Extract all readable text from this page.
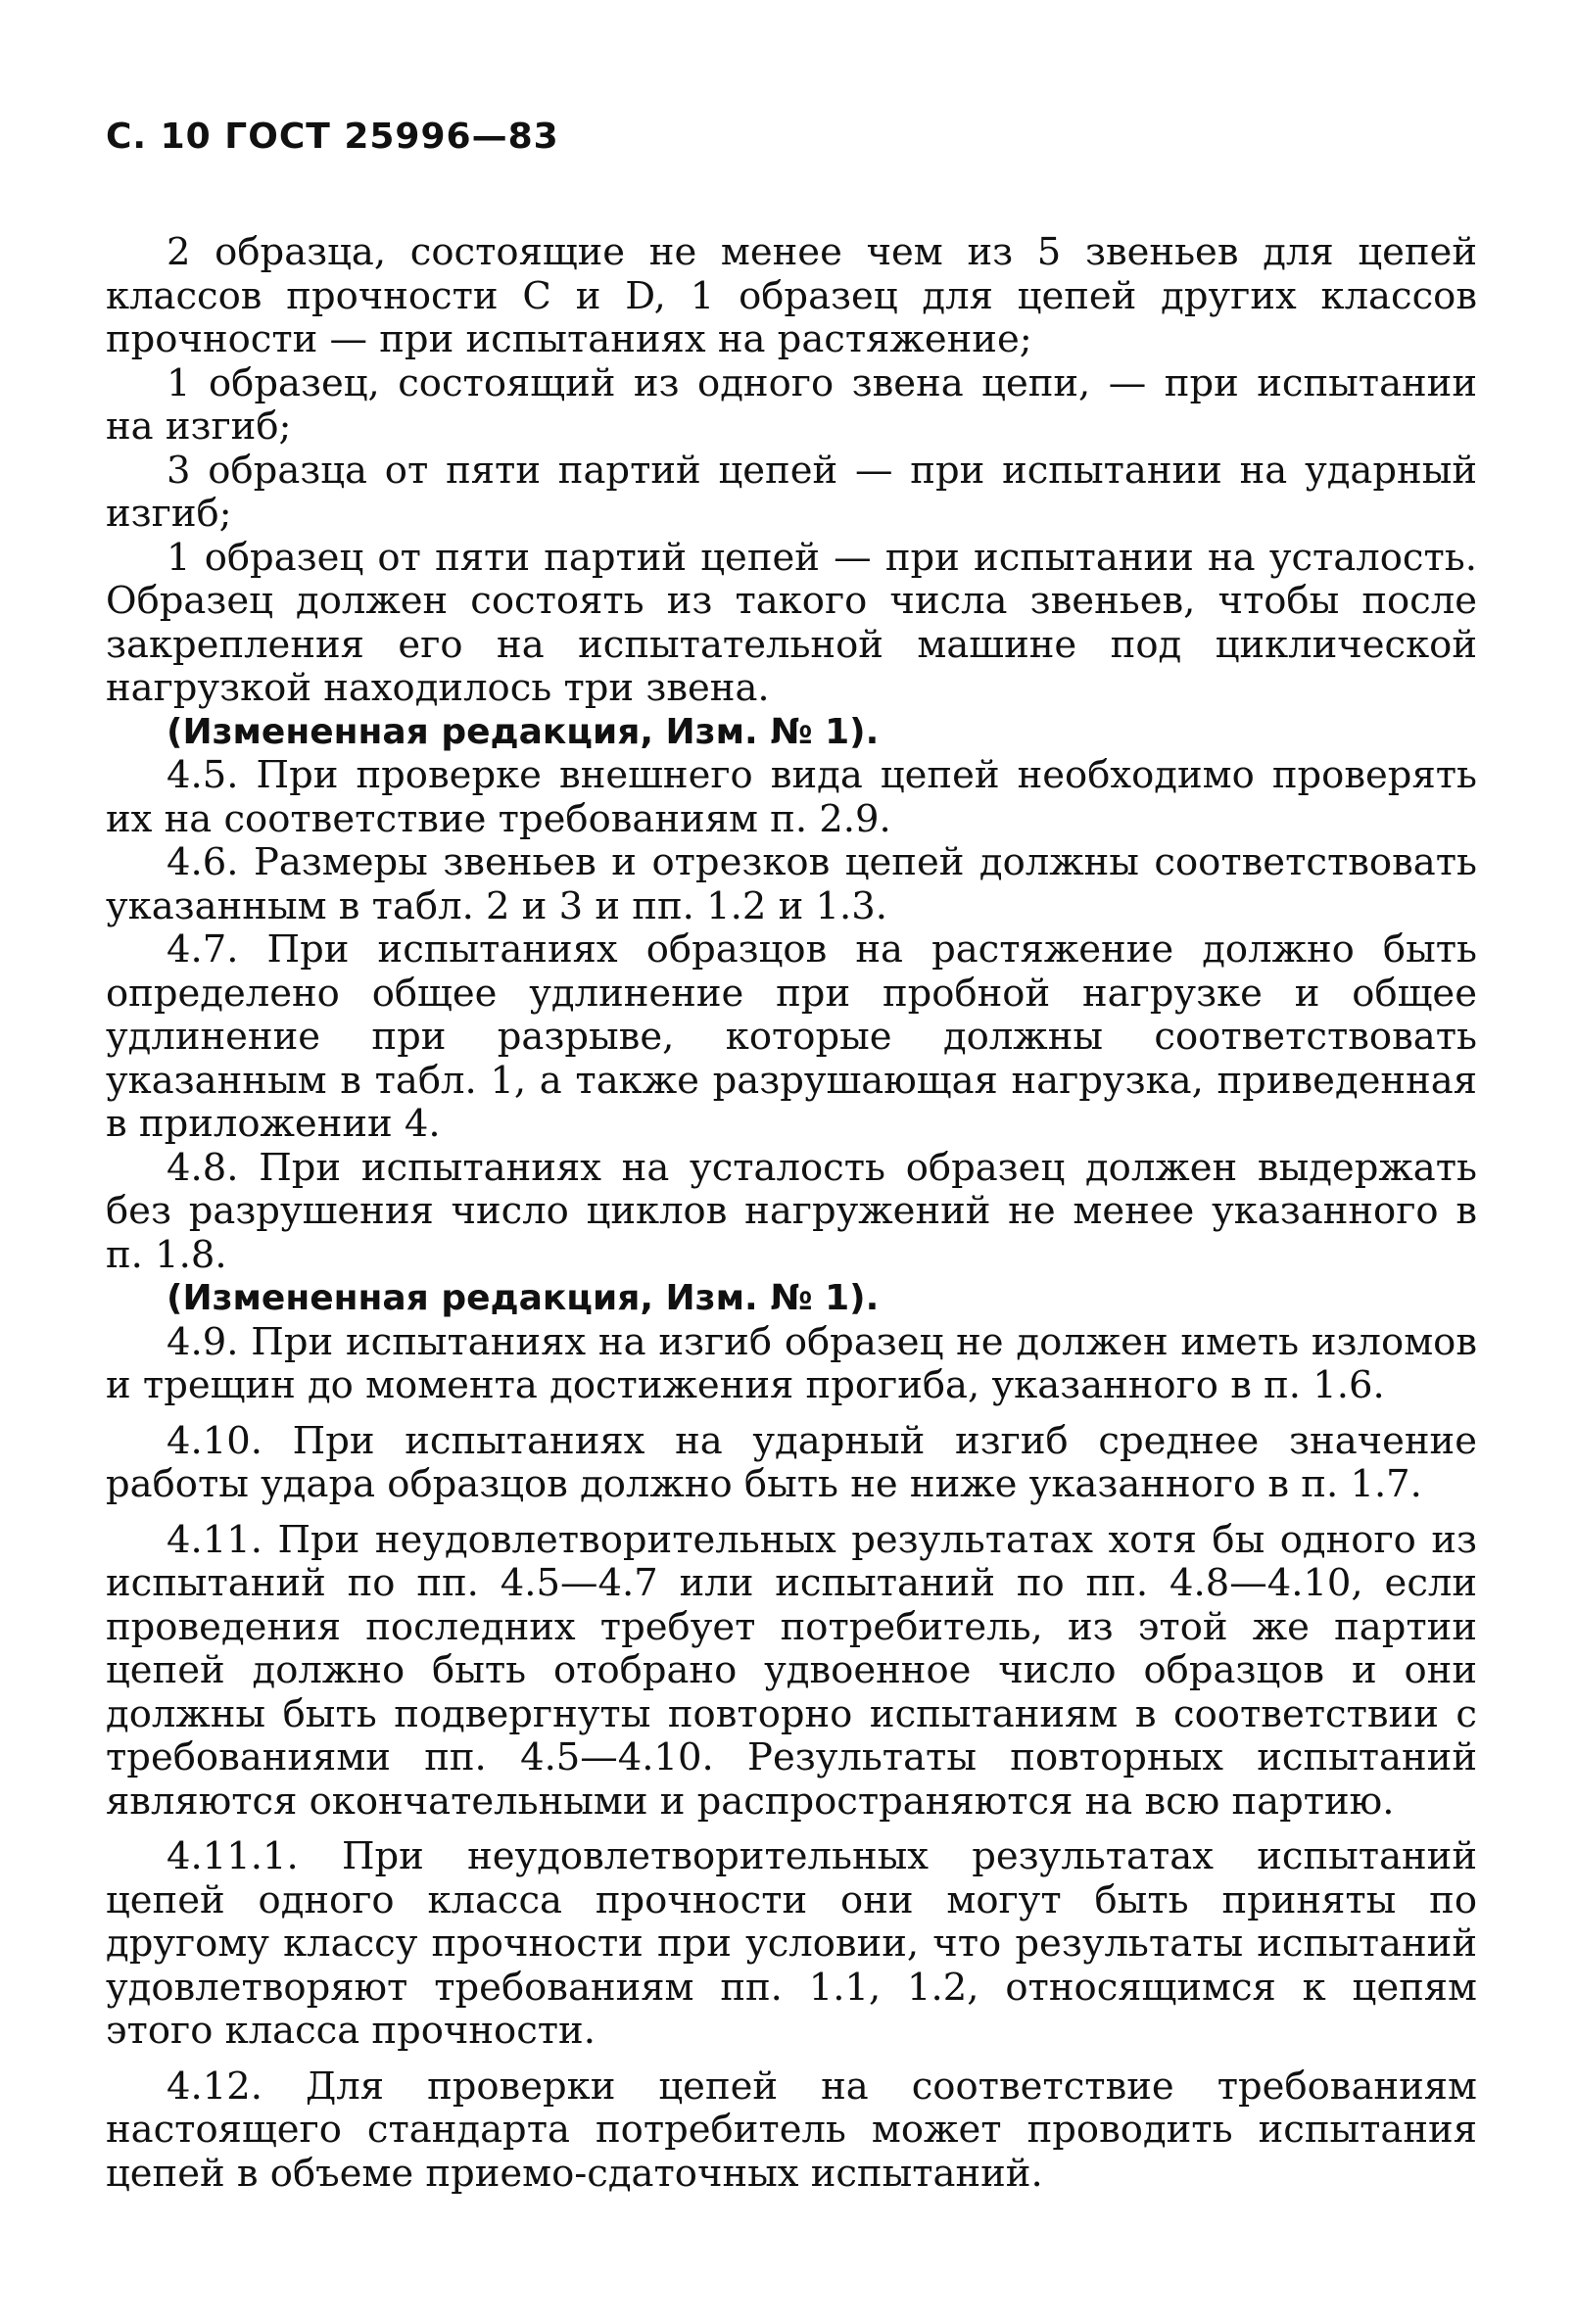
С. 10 ГОСТ 25996—83

2 образца, состоящие не менее чем из 5 звеньев для цепей классов прочности С и D, 1 образец для цепей других классов прочности — при испытаниях на растяжение;

1 образец, состоящий из одного звена цепи, — при испытании на изгиб;

3 образца от пяти партий цепей — при испытании на ударный изгиб;

1 образец от пяти партий цепей — при испытании на усталость. Образец должен состоять из такого числа звеньев, чтобы после закрепления его на испытательной машине под циклической нагрузкой находилось три звена.

(Измененная редакция, Изм. № 1).

4.5. При проверке внешнего вида цепей необходимо проверять их на соответствие требованиям п. 2.9.

4.6. Размеры звеньев и отрезков цепей должны соответствовать указанным в табл. 2 и 3 и пп. 1.2 и 1.3.

4.7. При испытаниях образцов на растяжение должно быть определено общее удлинение при пробной нагрузке и общее удлинение при разрыве, которые должны соответствовать указанным в табл. 1, а также разрушающая нагрузка, приведенная в приложении 4.

4.8. При испытаниях на усталость образец должен выдержать без разрушения число циклов нагружений не менее указанного в п. 1.8.

(Измененная редакция, Изм. № 1).

4.9. При испытаниях на изгиб образец не должен иметь изломов и трещин до момента достижения прогиба, указанного в п. 1.6.

4.10. При испытаниях на ударный изгиб среднее значение работы удара образцов должно быть не ниже указанного в п. 1.7.

4.11. При неудовлетворительных результатах хотя бы одного из испытаний по пп. 4.5—4.7 или испытаний по пп. 4.8—4.10, если проведения последних требует потребитель, из этой же партии цепей должно быть отобрано удвоенное число образцов и они должны быть подвергнуты повторно испытаниям в соответствии с требованиями пп. 4.5—4.10. Результаты повторных испытаний являются окончательными и распространяются на всю партию.

4.11.1. При неудовлетворительных результатах испытаний цепей одного класса прочности они могут быть приняты по другому классу прочности при условии, что результаты испытаний удовлетворяют требованиям пп. 1.1, 1.2, относящимся к цепям этого класса прочности.

4.12. Для проверки цепей на соответствие требованиям настоящего стандарта потребитель может проводить испытания цепей в объеме приемо-сдаточных испытаний.
